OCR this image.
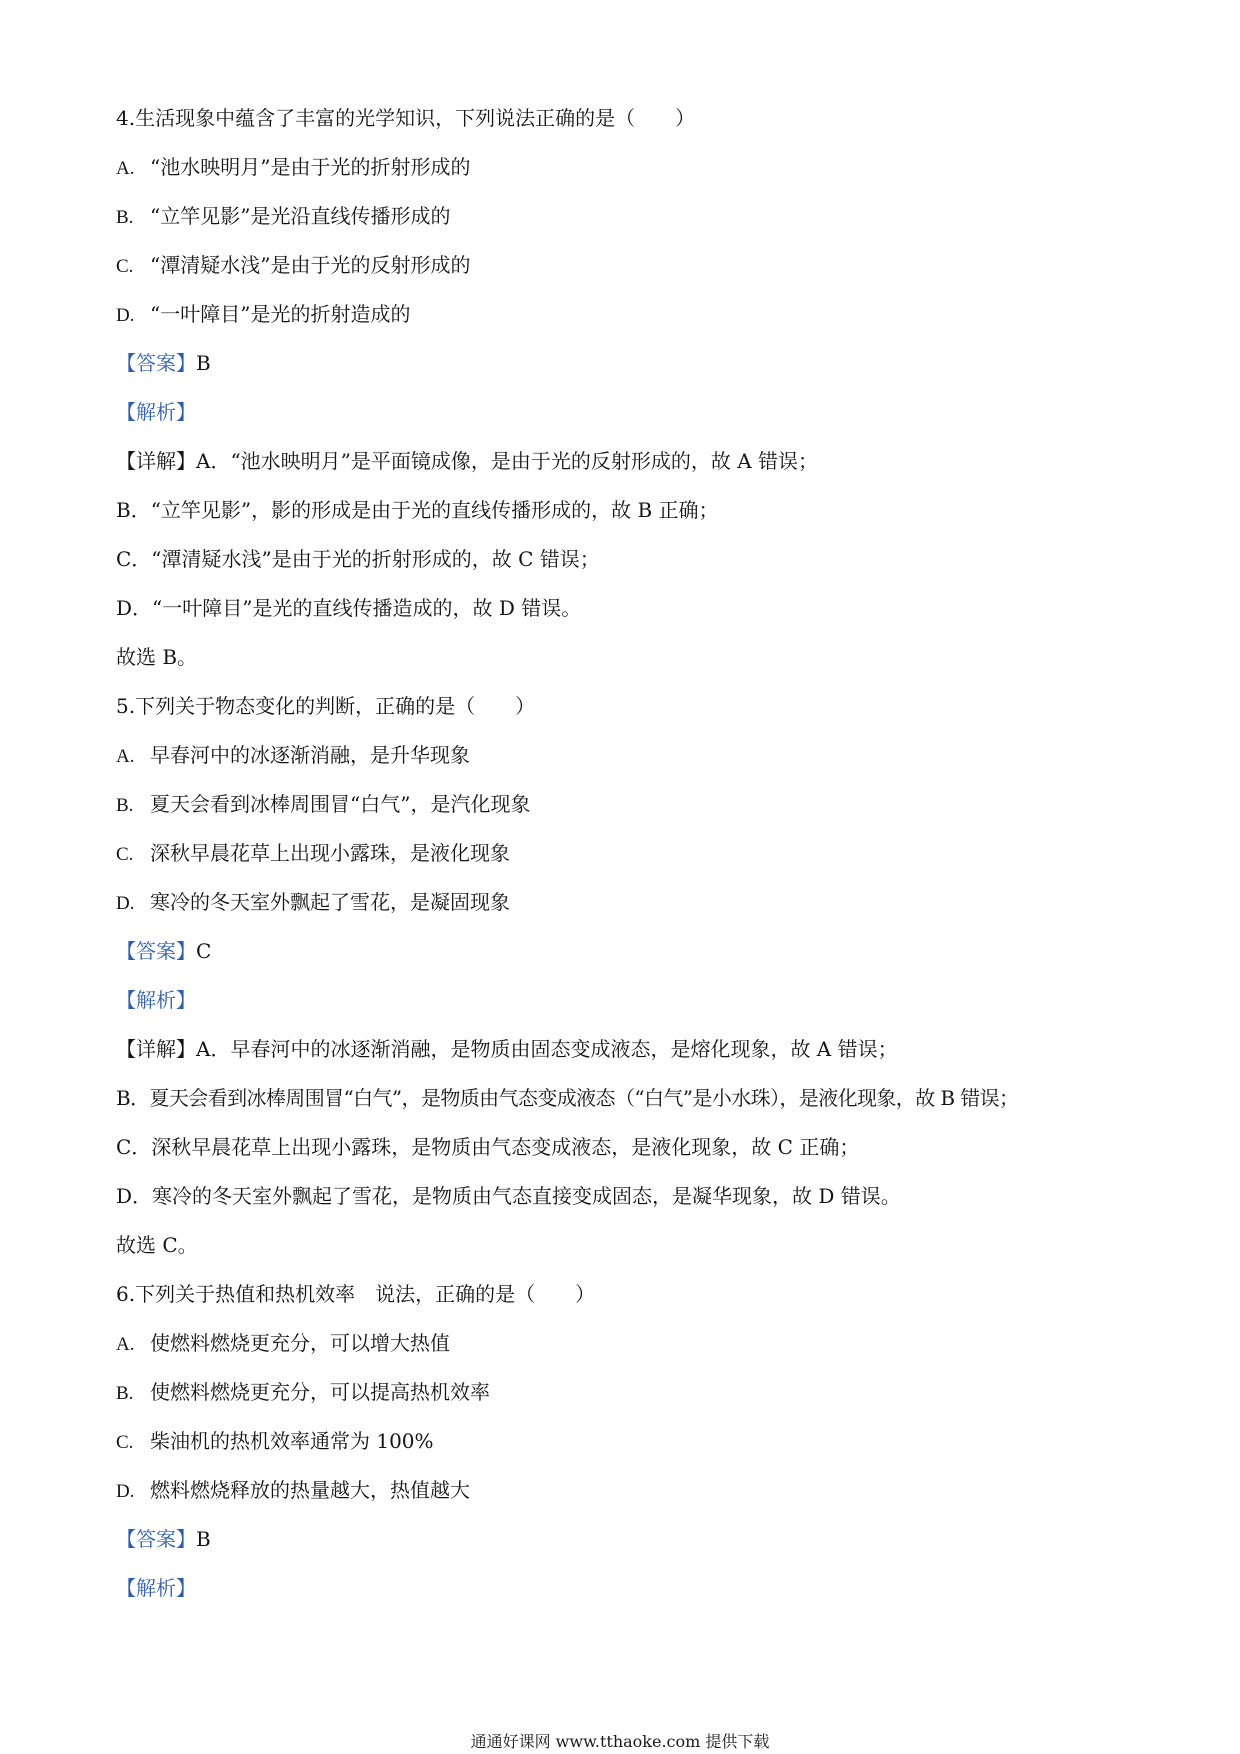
4.生活现象中蕴含了丰富的光学知识，下列说法正确的是（　　）
A. “池水映明月”是由于光的折射形成的
B. “立竿见影”是光沿直线传播形成的
C. “潭清疑水浅”是由于光的反射形成的
D. “一叶障目”是光的折射造成的
【答案】B
【解析】
【详解】A．“池水映明月”是平面镜成像，是由于光的反射形成的，故 A 错误；
B．“立竿见影”，影的形成是由于光的直线传播形成的，故 B 正确；
C．“潭清疑水浅”是由于光的折射形成的，故 C 错误；
D．“一叶障目”是光的直线传播造成的，故 D 错误。
故选 B。
5.下列关于物态变化的判断，正确的是（　　）
A. 早春河中的冰逐渐消融，是升华现象
B. 夏天会看到冰棒周围冒“白气”，是汽化现象
C. 深秋早晨花草上出现小露珠，是液化现象
D. 寒冷的冬天室外飘起了雪花，是凝固现象
【答案】C
【解析】
【详解】A．早春河中的冰逐渐消融，是物质由固态变成液态，是熔化现象，故 A 错误；
B．夏天会看到冰棒周围冒“白气”，是物质由气态变成液态（“白气”是小水珠），是液化现象，故 B 错误；
C．深秋早晨花草上出现小露珠，是物质由气态变成液态，是液化现象，故 C 正确；
D．寒冷的冬天室外飘起了雪花，是物质由气态直接变成固态，是凝华现象，故 D 错误。
故选 C。
6.下列关于热值和热机效率　说法，正确的是（　　）
A. 使燃料燃烧更充分，可以增大热值
B. 使燃料燃烧更充分，可以提高热机效率
C. 柴油机的热机效率通常为 100%
D. 燃料燃烧释放的热量越大，热值越大
【答案】B
【解析】
通通好课网 www.tthaoke.com 提供下载
